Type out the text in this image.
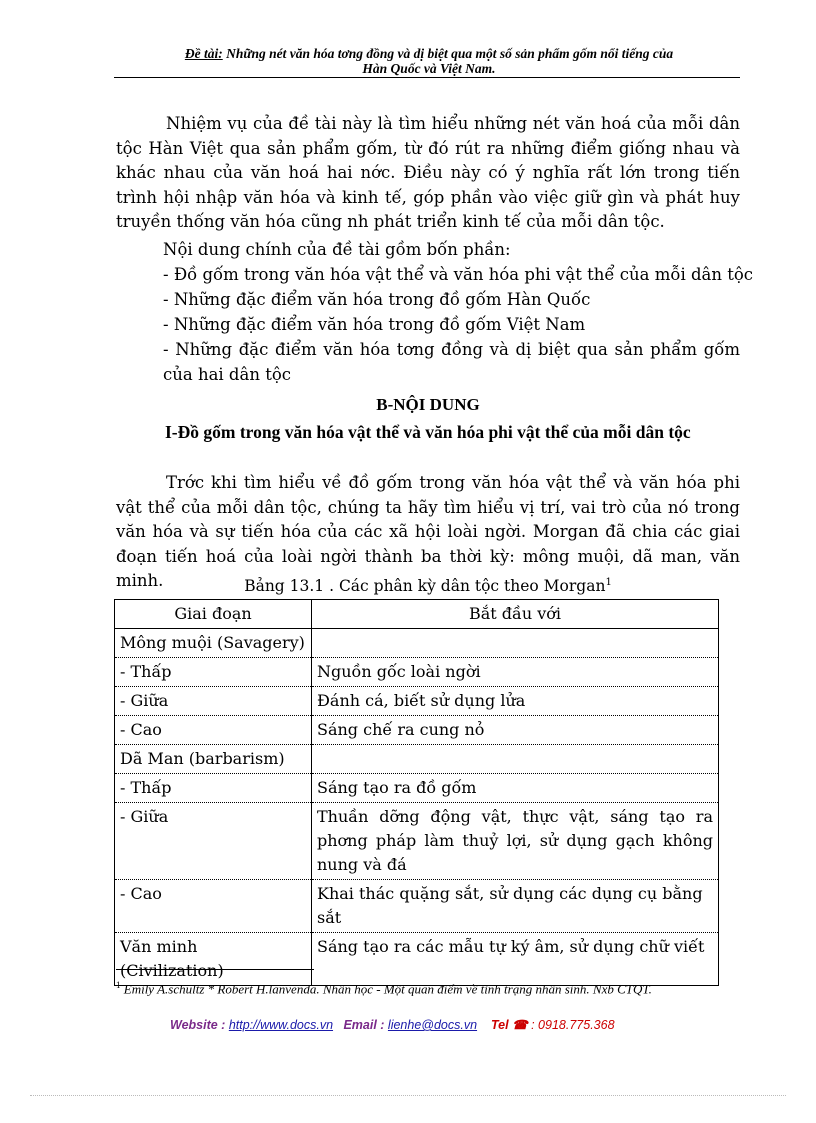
Đề tài: Những nét văn hóa tơng đồng và dị biệt qua một số sản phẩm gốm nổi tiếng của
Hàn Quốc và Việt Nam.
Nhiệm vụ của đề tài này là tìm hiểu những nét văn hoá của mỗi dân tộc Hàn Việt qua sản phẩm gốm, từ đó rút ra những điểm giống nhau và khác nhau của văn hoá hai nớc. Điều này có ý nghĩa rất lớn trong tiến trình hội nhập văn hóa và kinh tế, góp phần vào việc giữ gìn và phát huy truyền thống văn hóa cũng nh phát triển kinh tế của mỗi dân tộc.
Nội dung chính của đề tài gồm bốn phần:
- Đồ gốm trong văn hóa vật thể và văn hóa phi vật thể của mỗi dân tộc
- Những đặc điểm văn hóa trong đồ gốm Hàn Quốc
- Những đặc điểm văn hóa trong đồ gốm Việt Nam
- Những đặc điểm văn hóa tơng đồng và dị biệt qua sản phẩm gốm của hai dân tộc
B-NỘI DUNG
I-Đồ gốm trong văn hóa vật thể và văn hóa phi vật thể của mỗi dân tộc
Trớc khi tìm hiểu về đồ gốm trong văn hóa vật thể và văn hóa phi vật thể của mỗi dân tộc, chúng ta hãy tìm hiểu vị trí, vai trò của nó trong văn hóa và sự tiến hóa của các xã hội loài ngời. Morgan đã chia các giai đoạn tiến hoá của loài ngời thành ba thời kỳ: mông muội, dã man, văn minh.	Bảng 13.1 . Các phân kỳ dân tộc theo Morgan$^1$
Giai đoạn	Bắt đầu với
Mông muội (Savagery)	
- Thấp	Nguồn gốc loài ngời
- Giữa	Đánh cá, biết sử dụng lửa
- Cao	Sáng chế ra cung nỏ
Dã Man (barbarism)	
- Thấp	Sáng tạo ra đồ gốm
- Giữa	Thuần dỡng động vật, thực vật, sáng tạo ra phơng pháp làm thuỷ lợi, sử dụng gạch không nung và đá
- Cao	Khai thác quặng sắt, sử dụng các dụng cụ bằng sắt
Văn minh (Civilization)	Sáng tạo ra các mẫu tự ký âm, sử dụng chữ viết
$^1$ Emily A.schultz * Robert H.lanvenda. Nhân học - Một quan điểm về tình trạng nhân sinh. Nxb CTQT.
Website : http://www.docs.vn Email : lienhe@docs.vn Tel ☎ : 0918.775.368
